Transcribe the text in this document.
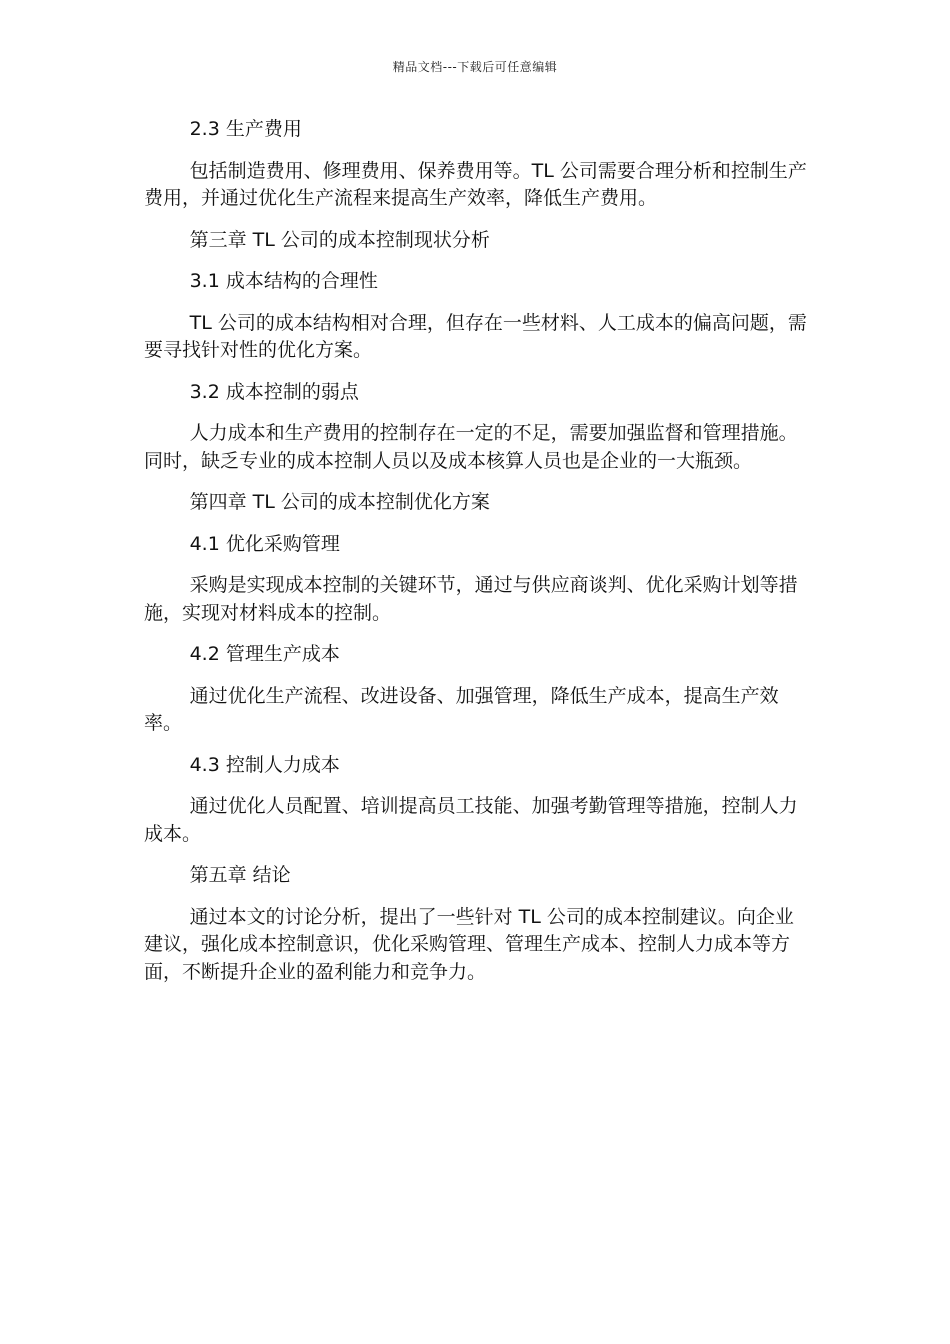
精品文档---下载后可任意编辑
2.3 生产费用
包括制造费用、修理费用、保养费用等。TL 公司需要合理分析和控制生产费用，并通过优化生产流程来提高生产效率，降低生产费用。
第三章 TL 公司的成本控制现状分析
3.1 成本结构的合理性
TL 公司的成本结构相对合理，但存在一些材料、人工成本的偏高问题，需要寻找针对性的优化方案。
3.2 成本控制的弱点
人力成本和生产费用的控制存在一定的不足，需要加强监督和管理措施。同时，缺乏专业的成本控制人员以及成本核算人员也是企业的一大瓶颈。
第四章 TL 公司的成本控制优化方案
4.1 优化采购管理
采购是实现成本控制的关键环节，通过与供应商谈判、优化采购计划等措施，实现对材料成本的控制。
4.2 管理生产成本
通过优化生产流程、改进设备、加强管理，降低生产成本，提高生产效率。
4.3 控制人力成本
通过优化人员配置、培训提高员工技能、加强考勤管理等措施，控制人力成本。
第五章 结论
通过本文的讨论分析，提出了一些针对 TL 公司的成本控制建议。向企业建议，强化成本控制意识，优化采购管理、管理生产成本、控制人力成本等方面，不断提升企业的盈利能力和竞争力。
